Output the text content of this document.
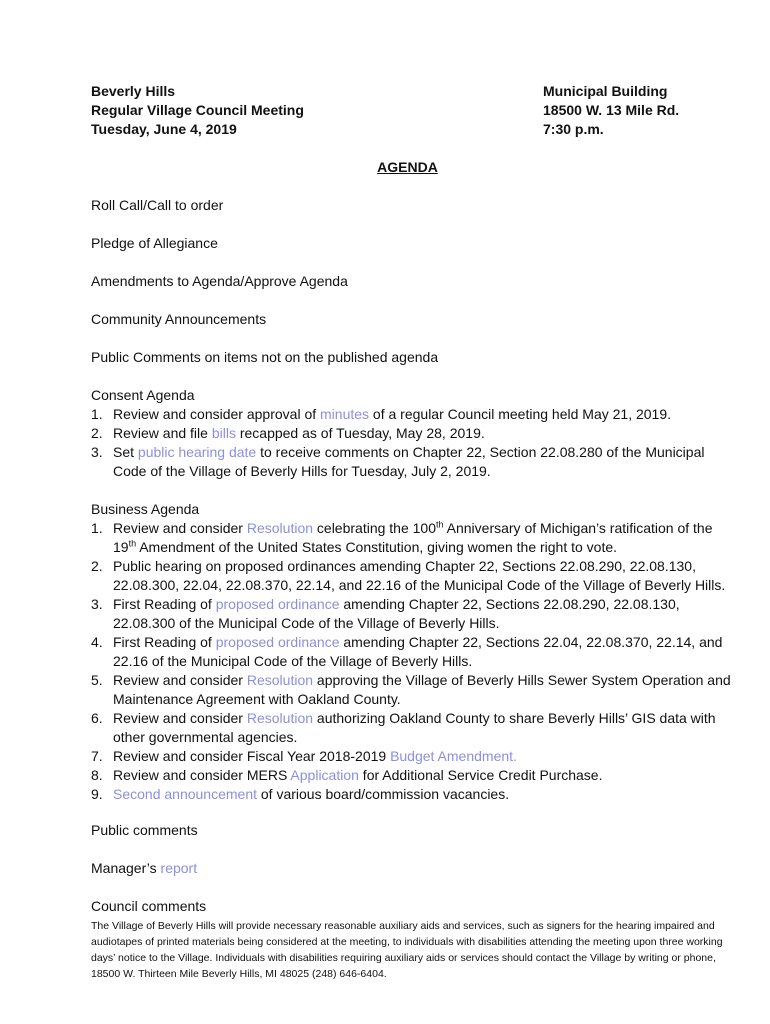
Beverly Hills
Regular Village Council Meeting
Tuesday, June 4, 2019
Municipal Building
18500 W. 13 Mile Rd.
7:30 p.m.
AGENDA
Roll Call/Call to order
Pledge of Allegiance
Amendments to Agenda/Approve Agenda
Community Announcements
Public Comments on items not on the published agenda
Consent Agenda
1. Review and consider approval of minutes of a regular Council meeting held May 21, 2019.
2. Review and file bills recapped as of Tuesday, May 28, 2019.
3. Set public hearing date to receive comments on Chapter 22, Section 22.08.280 of the Municipal Code of the Village of Beverly Hills for Tuesday, July 2, 2019.
Business Agenda
1. Review and consider Resolution celebrating the 100th Anniversary of Michigan’s ratification of the 19th Amendment of the United States Constitution, giving women the right to vote.
2. Public hearing on proposed ordinances amending Chapter 22, Sections 22.08.290, 22.08.130, 22.08.300, 22.04, 22.08.370, 22.14, and 22.16 of the Municipal Code of the Village of Beverly Hills.
3. First Reading of proposed ordinance amending Chapter 22, Sections 22.08.290, 22.08.130, 22.08.300 of the Municipal Code of the Village of Beverly Hills.
4. First Reading of proposed ordinance amending Chapter 22, Sections 22.04, 22.08.370, 22.14, and 22.16 of the Municipal Code of the Village of Beverly Hills.
5. Review and consider Resolution approving the Village of Beverly Hills Sewer System Operation and Maintenance Agreement with Oakland County.
6. Review and consider Resolution authorizing Oakland County to share Beverly Hills’ GIS data with other governmental agencies.
7. Review and consider Fiscal Year 2018-2019 Budget Amendment.
8. Review and consider MERS Application for Additional Service Credit Purchase.
9. Second announcement of various board/commission vacancies.
Public comments
Manager’s report
Council comments
The Village of Beverly Hills will provide necessary reasonable auxiliary aids and services, such as signers for the hearing impaired and audiotapes of printed materials being considered at the meeting, to individuals with disabilities attending the meeting upon three working days’ notice to the Village. Individuals with disabilities requiring auxiliary aids or services should contact the Village by writing or phone, 18500 W. Thirteen Mile Beverly Hills, MI 48025 (248) 646-6404.
